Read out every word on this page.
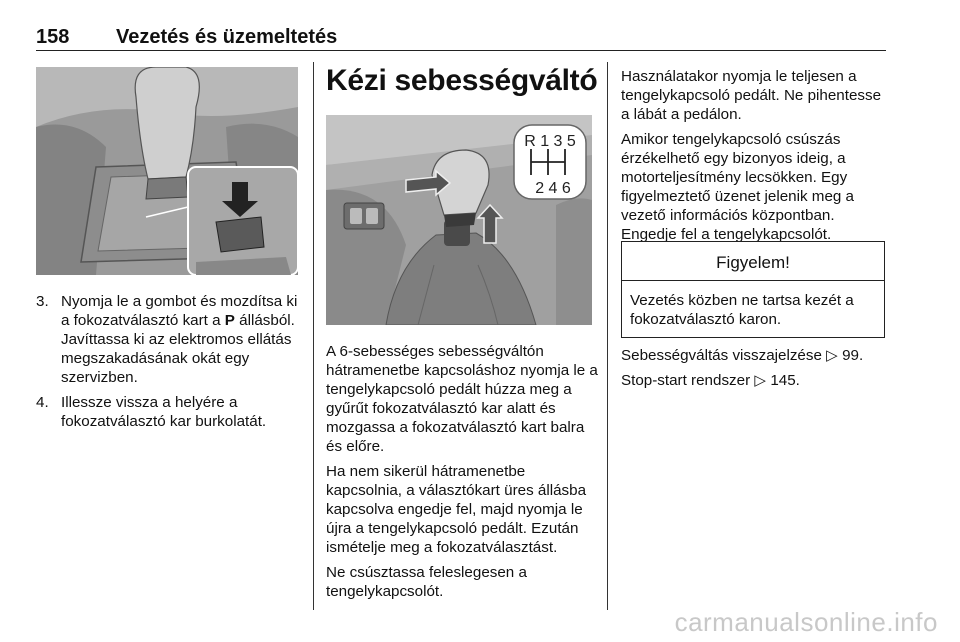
158 Vezetés és üzemeltetés
3. Nyomja le a gombot és mozdítsa ki a fokozatválasztó kart a P állásból. Javíttassa ki az elektromos ellátás megszakadásának okát egy szervizben.
4. Illessze vissza a helyére a fokozatválasztó kar burkolatát.
Kézi sebességváltó
R 1 3 5
2 4 6

A 6-sebességes sebességváltón hátramenetbe kapcsoláshoz nyomja le a tengelykapcsoló pedált húzza meg a gyűrűt fokozatválasztó kar alatt és mozgassa a fokozatválasztó kart balra és előre.

Ha nem sikerül hátramenetbe kapcsolnia, a választókart üres állásba kapcsolva engedje fel, majd nyomja le újra a tengelykapcsoló pedált. Ezután ismételje meg a fokozatválasztást.

Ne csúsztassa feleslegesen a tengelykapcsolót.

Használatakor nyomja le teljesen a tengelykapcsoló pedált. Ne pihentesse a lábát a pedálon.

Amikor tengelykapcsoló csúszás érzékelhető egy bizonyos ideig, a motorteljesítmény lecsökken. Egy figyelmeztető üzenet jelenik meg a vezető információs központban. Engedje fel a tengelykapcsolót.

Figyelem!
Vezetés közben ne tartsa kezét a fokozatválasztó karon.

Sebességváltás visszajelzése ▷ 99.

Stop-start rendszer ▷ 145.

carmanualsonline.info
